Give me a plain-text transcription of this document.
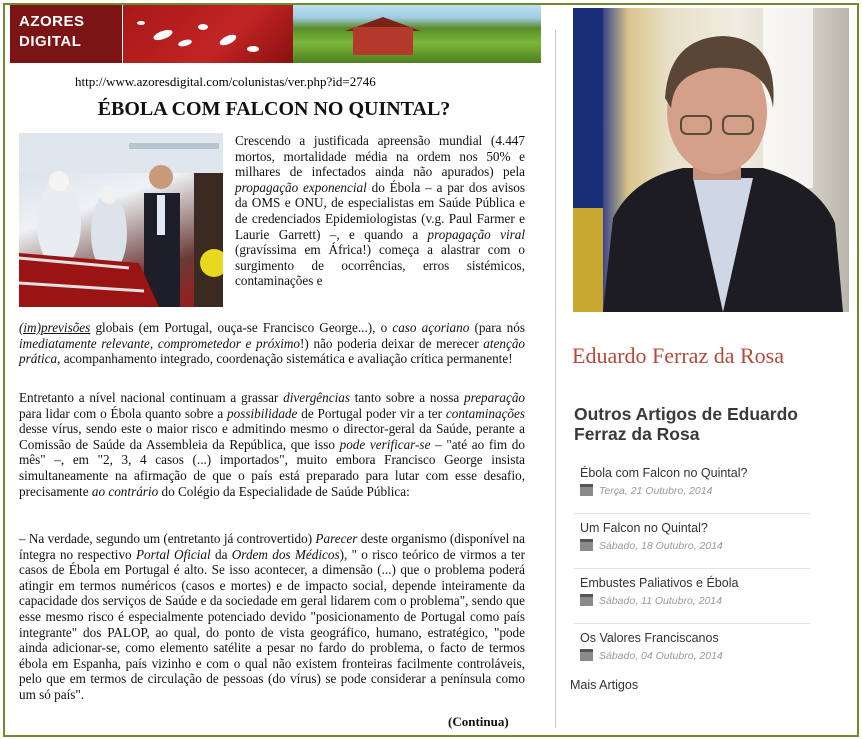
AZORES
DIGITAL
http://www.azoresdigital.com/colunistas/ver.php?id=2746
ÉBOLA COM FALCON NO QUINTAL?

Crescendo a justificada apreensão mundial (4.447 mortos, mortalidade média na ordem nos 50% e milhares de infectados ainda não apurados) pela propagação exponencial do Ébola – a par dos avisos da OMS e ONU, de especialistas em Saúde Pública e de credenciados Epidemiologistas (v.g. Paul Farmer e Laurie Garrett) –, e quando a propagação viral (gravíssima em África!) começa a alastrar com o surgimento de ocorrências, erros sistémicos, contaminações e

(im)previsões globais (em Portugal, ouça-se Francisco George...), o caso açoriano (para nós imediatamente relevante, comprometedor e próximo!) não poderia deixar de merecer atenção prática, acompanhamento integrado, coordenação sistemática e avaliação crítica permanente!

Entretanto a nível nacional continuam a grassar divergências tanto sobre a nossa preparação para lidar com o Ébola quanto sobre a possibilidade de Portugal poder vir a ter contaminações desse vírus, sendo este o maior risco e admitindo mesmo o director-geral da Saúde, perante a Comissão de Saúde da Assembleia da República, que isso pode verificar-se – "até ao fim do mês" –, em "2, 3, 4 casos (...) importados", muito embora Francisco George insista simultaneamente na afirmação de que o país está preparado para lutar com esse desafio, precisamente ao contrário do Colégio da Especialidade de Saúde Pública:

– Na verdade, segundo um (entretanto já controvertido) Parecer deste organismo (disponível na íntegra no respectivo Portal Oficial da Ordem dos Médicos), " o risco teórico de virmos a ter casos de Ébola em Portugal é alto. Se isso acontecer, a dimensão (...) que o problema poderá atingir em termos numéricos (casos e mortes) e de impacto social, depende inteiramente da capacidade dos serviços de Saúde e da sociedade em geral lidarem com o problema", sendo que esse mesmo risco é especialmente potenciado devido "posicionamento de Portugal como país integrante" dos PALOP, ao qual, do ponto de vista geográfico, humano, estratégico, "pode ainda adicionar-se, como elemento satélite a pesar no fardo do problema, o facto de termos ébola em Espanha, país vizinho e com o qual não existem fronteiras facilmente controláveis, pelo que em termos de circulação de pessoas (do vírus) se pode considerar a península como um só país".

(Continua)
Eduardo Ferraz da Rosa
Outros Artigos de Eduardo Ferraz da Rosa
Ébola com Falcon no Quintal?
Terça, 21 Outubro, 2014
Um Falcon no Quintal?
Sábado, 18 Outubro, 2014
Embustes Paliativos e Ébola
Sábado, 11 Outubro, 2014
Os Valores Franciscanos
Sábado, 04 Outubro, 2014
Mais Artigos
